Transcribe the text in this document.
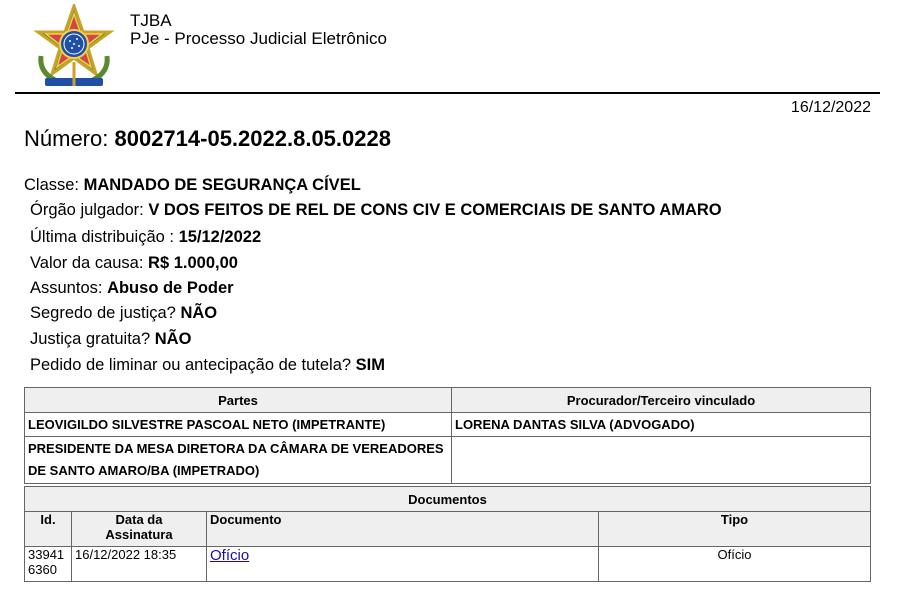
TJBA
PJe - Processo Judicial Eletrônico
16/12/2022
Número: 8002714-05.2022.8.05.0228
Classe: MANDADO DE SEGURANÇA CÍVEL
Órgão julgador: V DOS FEITOS DE REL DE CONS CIV E COMERCIAIS DE SANTO AMARO
Última distribuição : 15/12/2022
Valor da causa: R$ 1.000,00
Assuntos: Abuso de Poder
Segredo de justiça? NÃO
Justiça gratuita? NÃO
Pedido de liminar ou antecipação de tutela? SIM
Partes	Procurador/Terceiro vinculado
LEOVIGILDO SILVESTRE PASCOAL NETO (IMPETRANTE)	LORENA DANTAS SILVA (ADVOGADO)
PRESIDENTE DA MESA DIRETORA DA CÂMARA DE VEREADORES DE SANTO AMARO/BA (IMPETRADO)	
Documentos			
Id.	Data da Assinatura	Documento	Tipo
339416360	16/12/2022 18:35	Ofício	Ofício
